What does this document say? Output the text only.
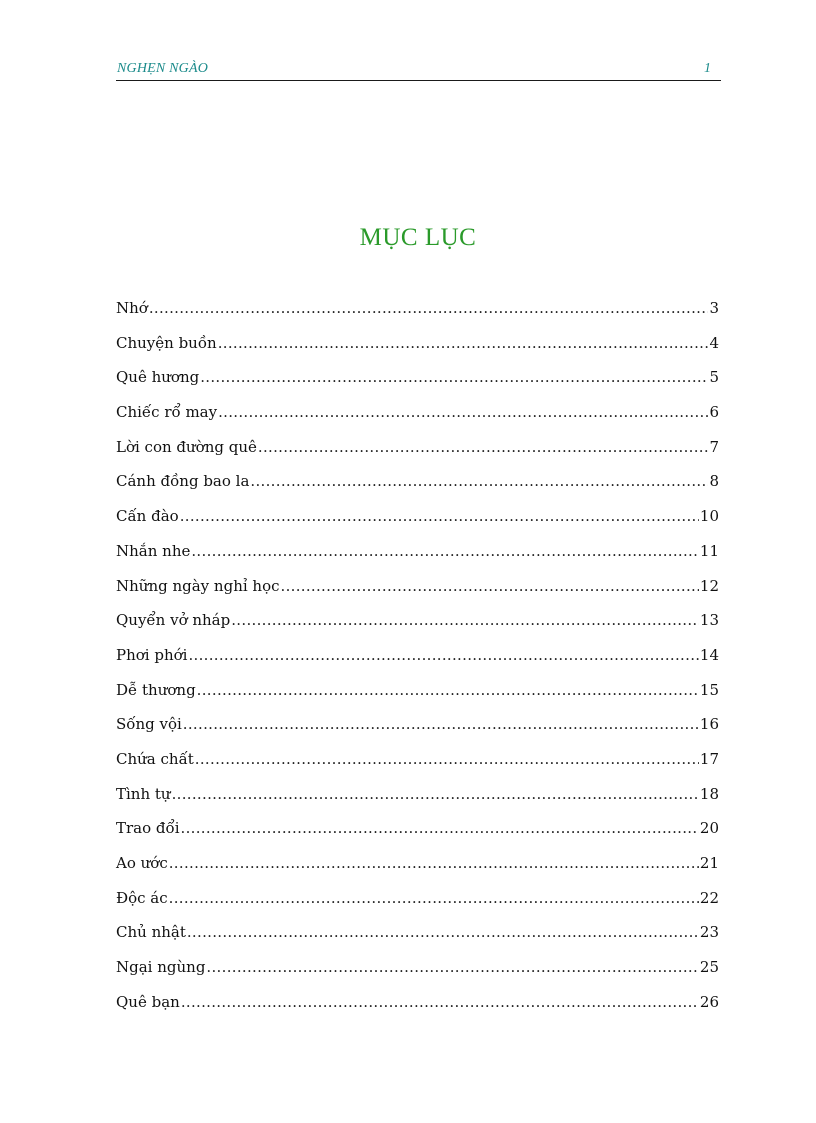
NGHẸN NGÀO	1
MỤC LỤC
Nhớ .....	3
Chuyện buồn .....	4
Quê hương .....	5
Chiếc rổ may .....	6
Lời con đường quê .....	7
Cánh đồng bao la .....	8
Cấn đào .....	10
Nhắn nhe .....	11
Những ngày nghỉ học .....	12
Quyển vở nháp .....	13
Phơi phới .....	14
Dễ thương .....	15
Sống vội .....	16
Chứa chất .....	17
Tình tự .....	18
Trao đổi .....	20
Ao ước .....	21
Độc ác .....	22
Chủ nhật .....	23
Ngại ngùng .....	25
Quê bạn .....	26
